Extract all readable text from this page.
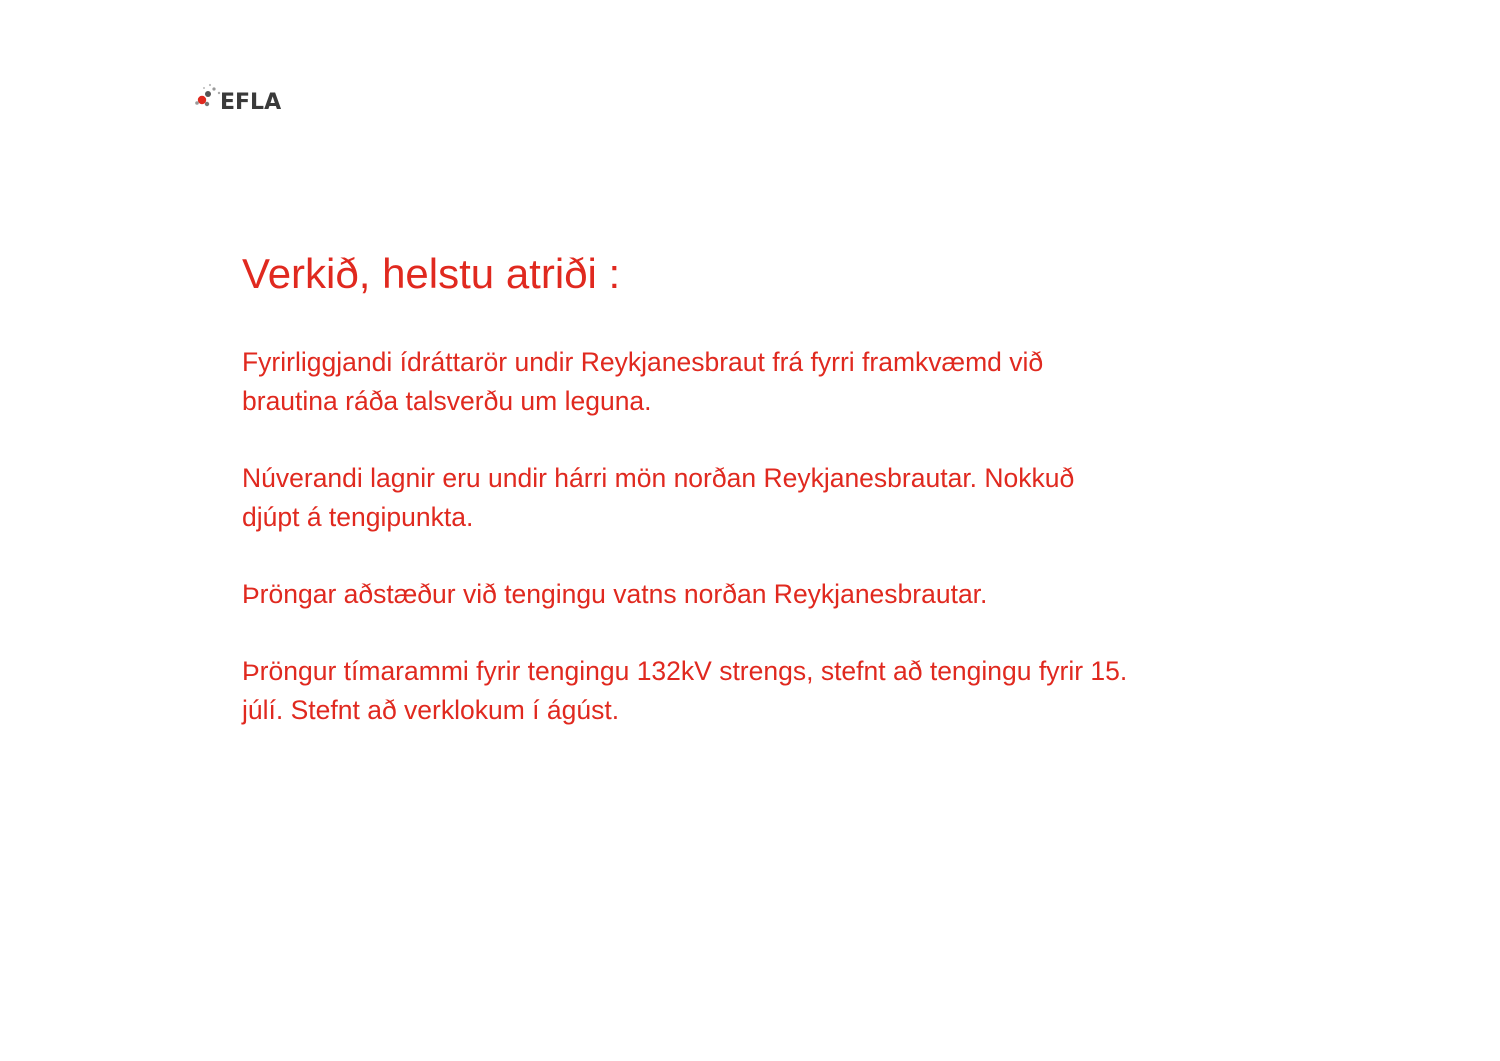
EFLA
Verkið, helstu atriði :

Fyrirliggjandi ídráttarör undir Reykjanesbraut frá fyrri framkvæmd við
brautina ráða talsverðu um leguna.

Núverandi lagnir eru undir hárri mön norðan Reykjanesbrautar. Nokkuð
djúpt á tengipunkta.

Þröngar aðstæður við tengingu vatns norðan Reykjanesbrautar.

Þröngur tímarammi fyrir tengingu 132kV strengs, stefnt að tengingu fyrir 15.
júlí. Stefnt að verklokum í ágúst.
